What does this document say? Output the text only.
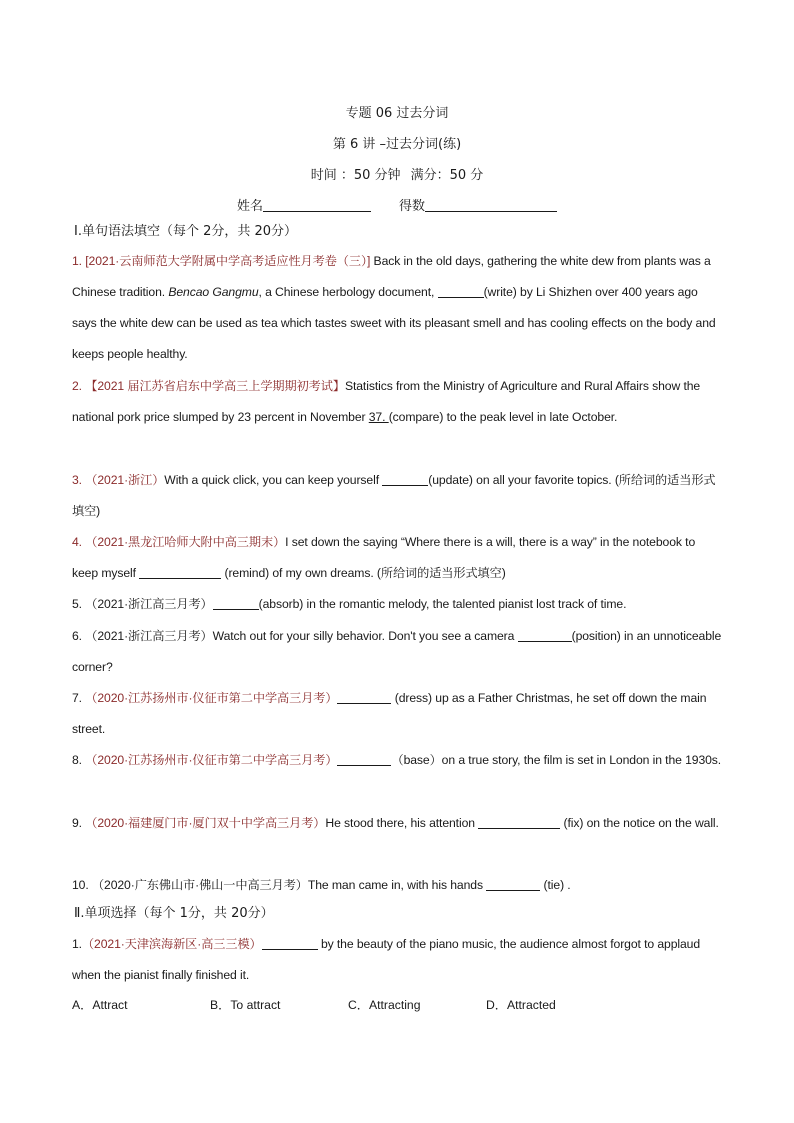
专题 06 过去分词
第 6 讲 –过去分词(练)
时间 ：50 分钟 满分：50 分
姓名	得数
Ⅰ.单句语法填空（每个 2分，共 20分）
1. [2021·云南师范大学附属中学高考适应性月考卷（三）] Back in the old days, gathering the white dew from plants was a Chinese tradition. Bencao Gangmu, a Chinese herbology document,	(write) by Li Shizhen over 400 years ago says the white dew can be used as tea which tastes sweet with its pleasant smell and has cooling effects on the body and keeps people healthy.
2. 【2021 届江苏省启东中学高三上学期期初考试】Statistics from the Ministry of Agriculture and Rural Affairs show the national pork price slumped by 23 percent in November 37. (compare) to the peak level in late October.
3. （2021·浙江）With a quick click, you can keep yourself	(update) on all your favorite topics. (所给词的适当形式填空)
4. （2021·黑龙江哈师大附中高三期末）I set down the saying “Where there is a will, there is a way” in the notebook to keep myself	(remind) of my own dreams. (所给词的适当形式填空)
5. （2021·浙江高三月考）	(absorb) in the romantic melody, the talented pianist lost track of time.
6. （2021·浙江高三月考）Watch out for your silly behavior. Don't you see a camera	(position) in an unnoticeable corner?
7. （2020·江苏扬州市·仪征市第二中学高三月考）	(dress) up as a Father Christmas, he set off down the main street.
8. （2020·江苏扬州市·仪征市第二中学高三月考）	（base）on a true story, the film is set in London in the 1930s.
9. （2020·福建厦门市·厦门双十中学高三月考）He stood there, his attention	(fix) on the notice on the wall.
10. （2020·广东佛山市·佛山一中高三月考）The man came in, with his hands	(tie) .
Ⅱ.单项选择（每个 1分，共 20分）
1.（2021·天津滨海新区·高三三模）	by the beauty of the piano music, the audience almost forgot to applaud when the pianist finally finished it.
A．Attract	B．To attract	C．Attracting	D．Attracted
